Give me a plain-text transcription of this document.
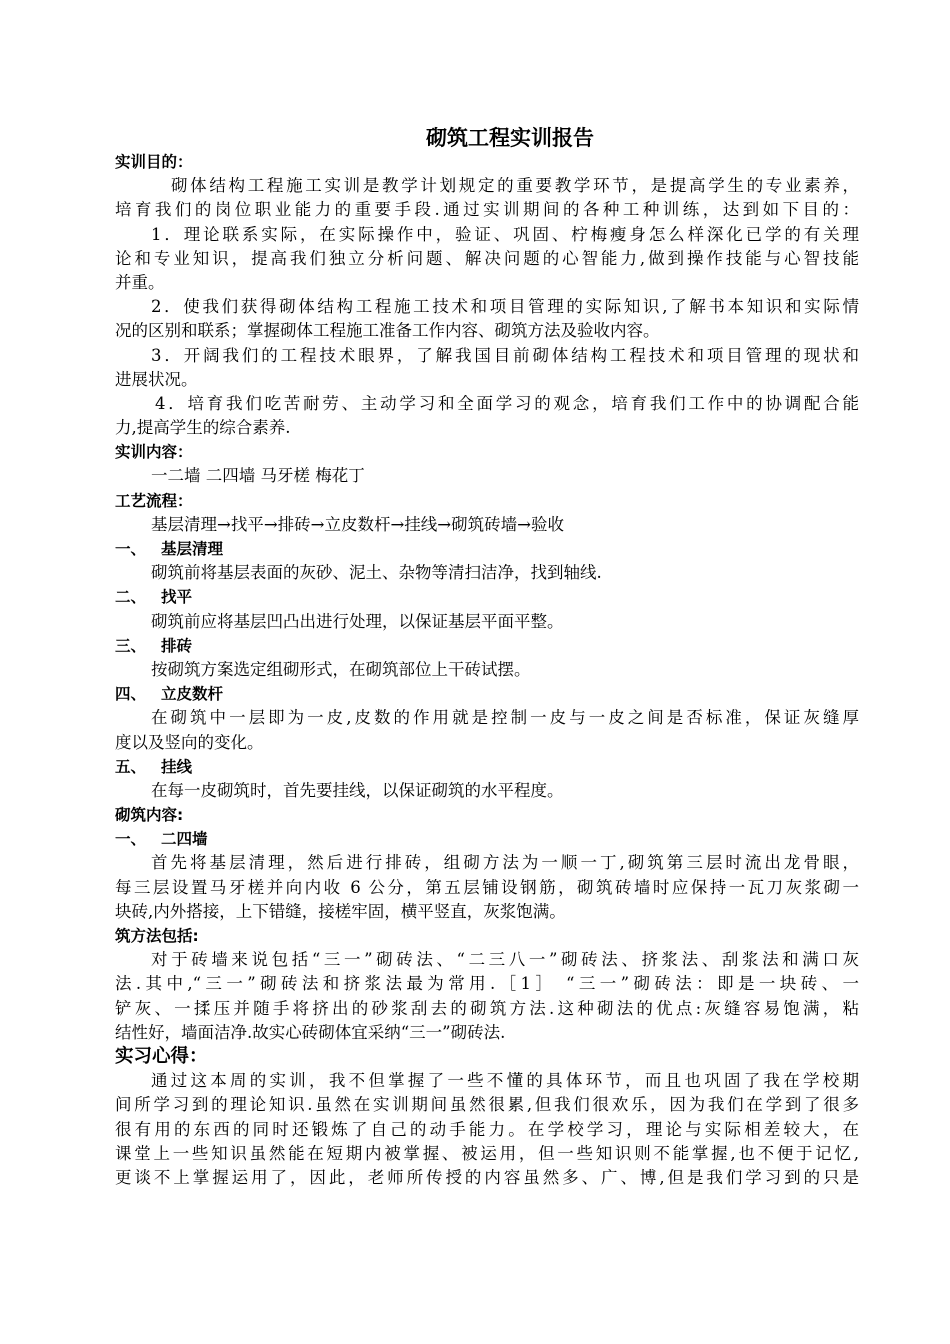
砌筑工程实训报告
实训目的：
砌体结构工程施工实训是教学计划规定的重要教学环节，是提高学生的专业素养，
培育我们的岗位职业能力的重要手段.通过实训期间的各种工种训练，达到如下目的：
1．理论联系实际，在实际操作中，验证、巩固、柠梅瘦身怎么样深化已学的有关理
论和专业知识，提高我们独立分析问题、解决问题的心智能力,做到操作技能与心智技能
并重。
2．使我们获得砌体结构工程施工技术和项目管理的实际知识,了解书本知识和实际情
况的区别和联系；掌握砌体工程施工准备工作内容、砌筑方法及验收内容。
3．开阔我们的工程技术眼界，了解我国目前砌体结构工程技术和项目管理的现状和
进展状况。
4．培育我们吃苦耐劳、主动学习和全面学习的观念，培育我们工作中的协调配合能
力,提高学生的综合素养.
实训内容：
一二墙 二四墙 马牙槎 梅花丁
工艺流程：
基层清理→找平→排砖→立皮数杆→挂线→砌筑砖墙→验收
一、 基层清理
砌筑前将基层表面的灰砂、泥土、杂物等清扫洁净，找到轴线.
二、 找平
砌筑前应将基层凹凸出进行处理，以保证基层平面平整。
三、 排砖
按砌筑方案选定组砌形式，在砌筑部位上干砖试摆。
四、 立皮数杆
在砌筑中一层即为一皮,皮数的作用就是控制一皮与一皮之间是否标准，保证灰缝厚
度以及竖向的变化。
五、 挂线
在每一皮砌筑时，首先要挂线，以保证砌筑的水平程度。
砌筑内容:
一、 二四墙
首先将基层清理，然后进行排砖，组砌方法为一顺一丁,砌筑第三层时流出龙骨眼，
每三层设置马牙槎并向内收 6 公分，第五层铺设钢筋，砌筑砖墙时应保持一瓦刀灰浆砌一
块砖,内外搭接，上下错缝，接槎牢固，横平竖直，灰浆饱满。
筑方法包括:
对于砖墙来说包括“三一”砌砖法、“二三八一”砌砖法、挤浆法、刮浆法和满口灰
法.其中,“三一”砌砖法和挤浆法最为常用.［1］ “三一”砌砖法：即是一块砖、一
铲灰、一揉压并随手将挤出的砂浆刮去的砌筑方法.这种砌法的优点:灰缝容易饱满，粘
结性好，墙面洁净.故实心砖砌体宜采纳“三一”砌砖法.
实习心得：
通过这本周的实训，我不但掌握了一些不懂的具体环节，而且也巩固了我在学校期
间所学习到的理论知识.虽然在实训期间虽然很累,但我们很欢乐，因为我们在学到了很多
很有用的东西的同时还锻炼了自己的动手能力。在学校学习，理论与实际相差较大，在
课堂上一些知识虽然能在短期内被掌握、被运用，但一些知识则不能掌握,也不便于记忆,
更谈不上掌握运用了，因此，老师所传授的内容虽然多、广、博,但是我们学习到的只是
